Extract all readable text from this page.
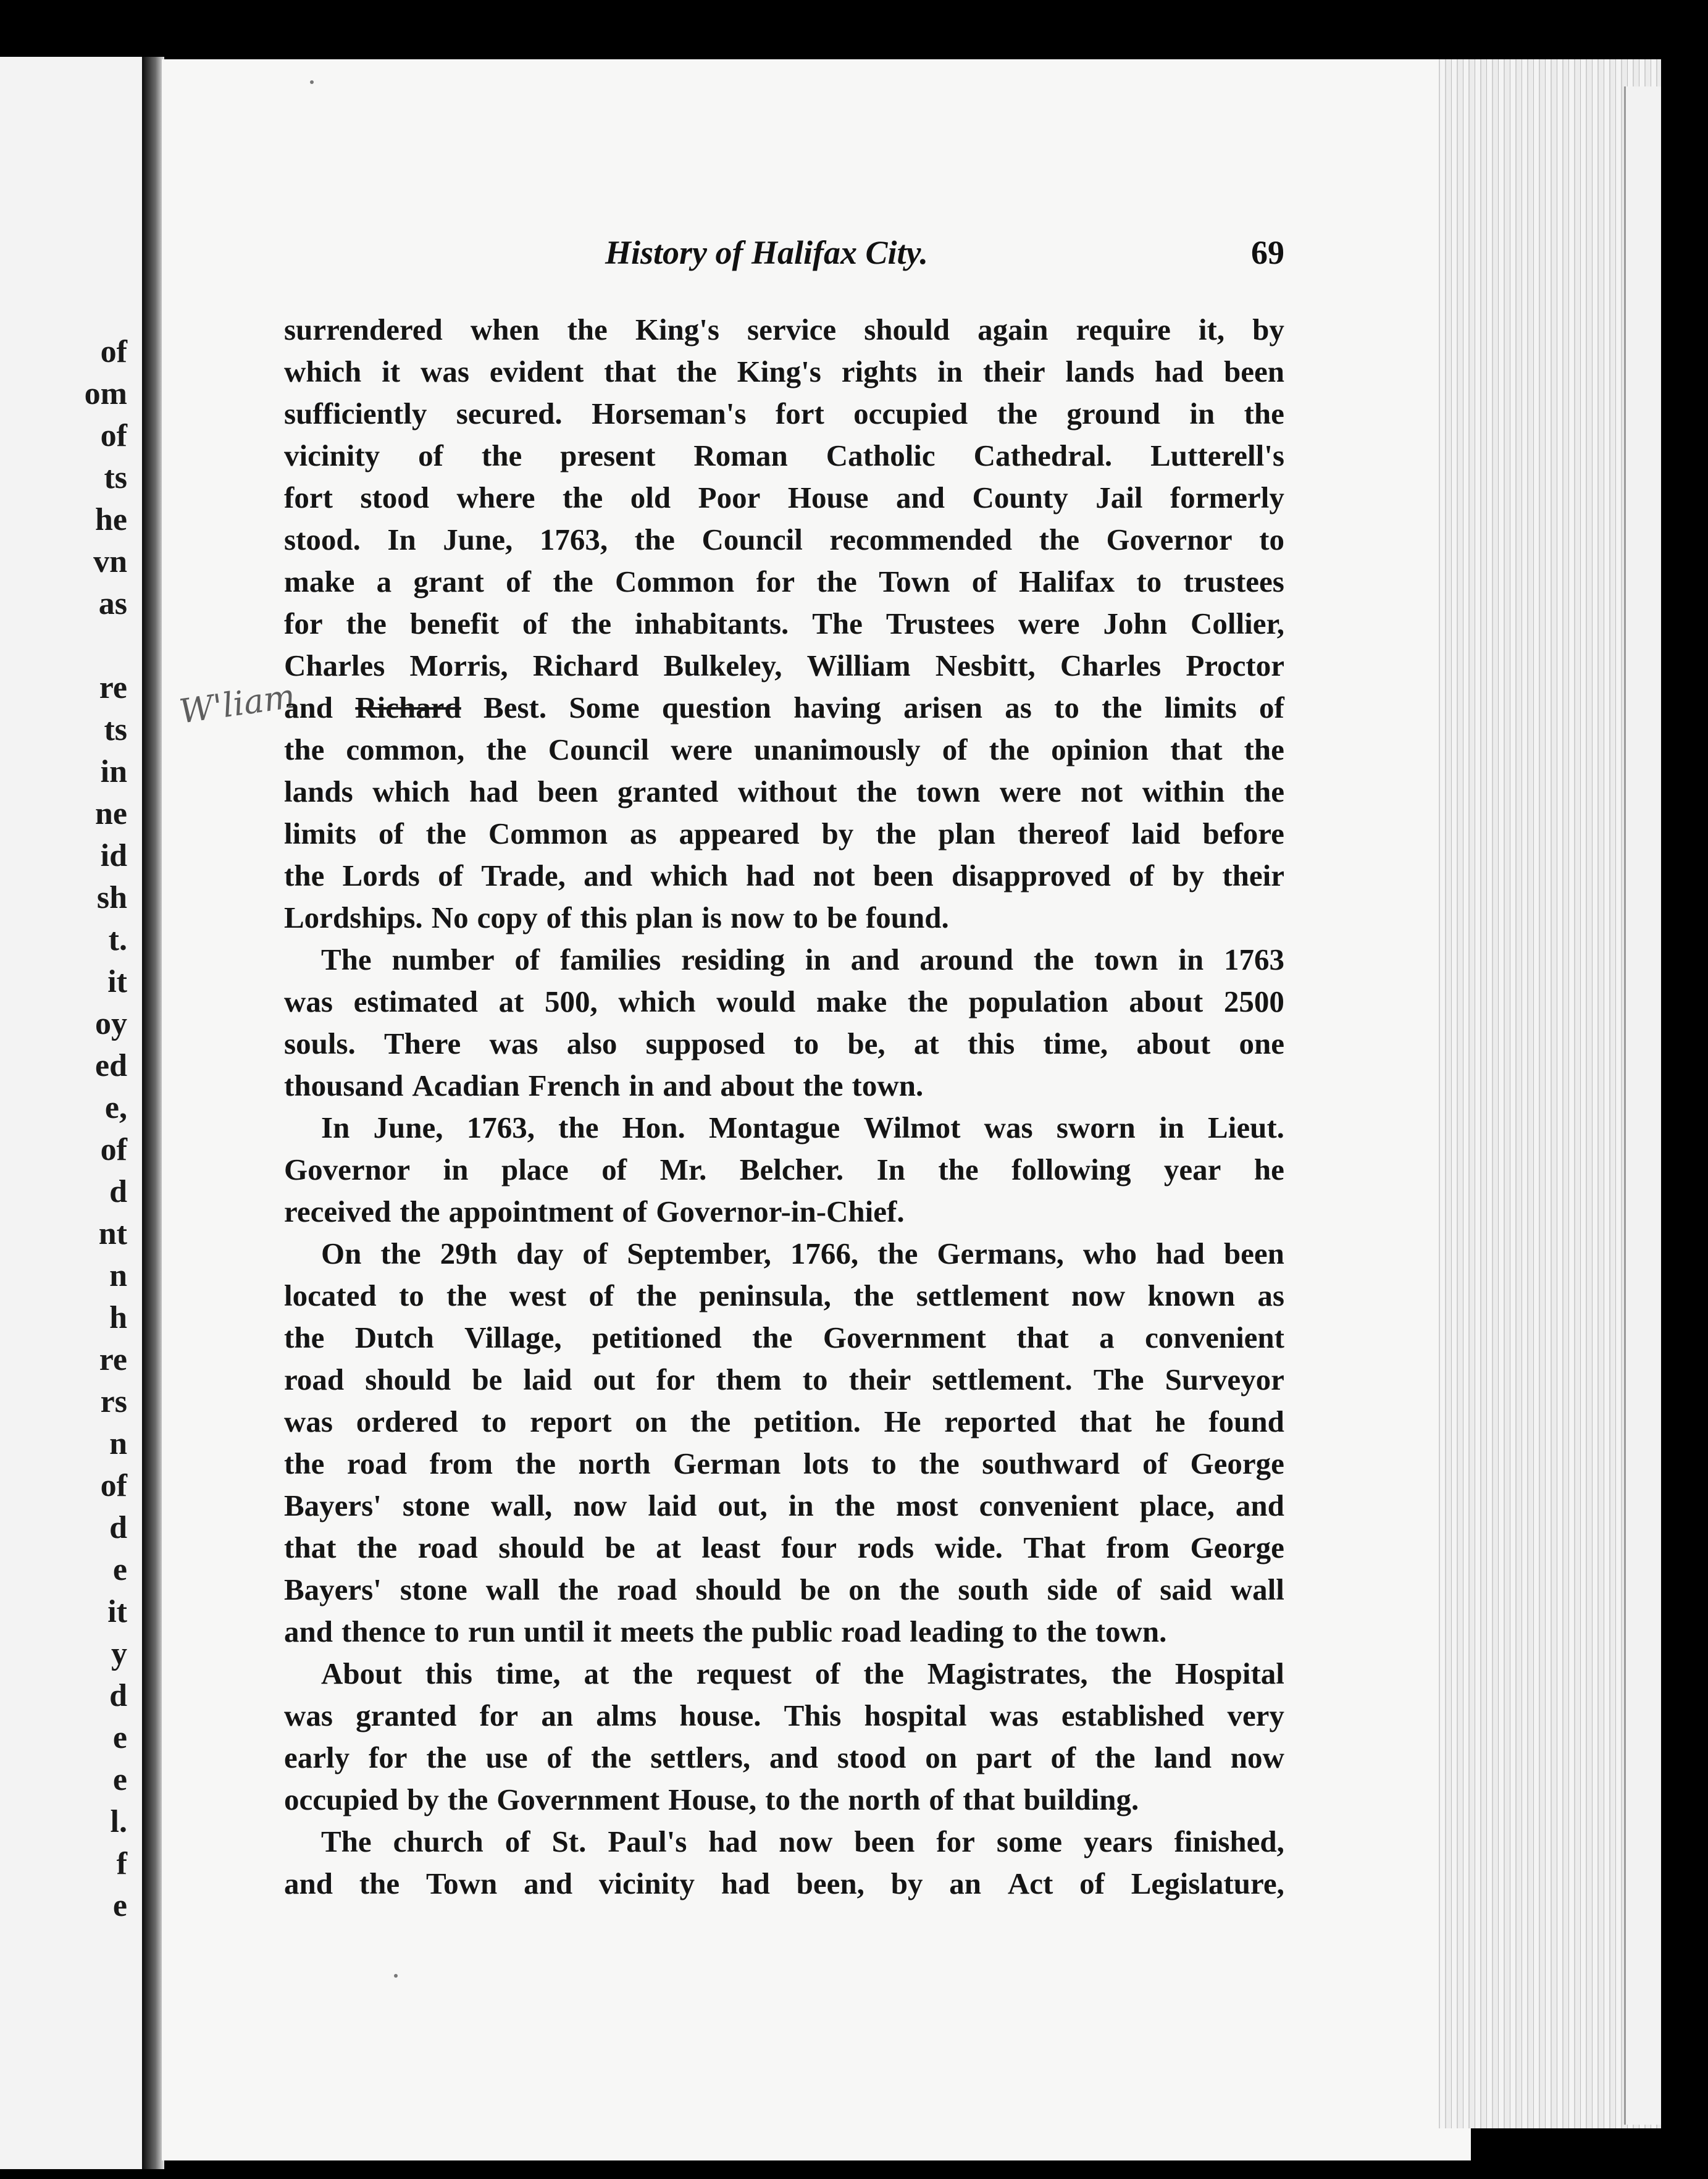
of
om
of
ts
he
vn
as
re
ts
in
ne
id
sh
t.
it
oy
ed
e,
of
d
nt
n
h
re
rs
n
of
d
e
it
y
d
e
e
l.
f
e
History of Halifax City.	69
W'liam
surrendered when the King's service should again require it, by
which it was evident that the King's rights in their lands had been
sufficiently secured. Horseman's fort occupied the ground in the
vicinity of the present Roman Catholic Cathedral. Lutterell's
fort stood where the old Poor House and County Jail formerly
stood. In June, 1763, the Council recommended the Governor to
make a grant of the Common for the Town of Halifax to trustees
for the benefit of the inhabitants. The Trustees were John Collier,
Charles Morris, Richard Bulkeley, William Nesbitt, Charles Proctor
and Richard Best. Some question having arisen as to the limits of
the common, the Council were unanimously of the opinion that the
lands which had been granted without the town were not within the
limits of the Common as appeared by the plan thereof laid before
the Lords of Trade, and which had not been disapproved of by their
Lordships. No copy of this plan is now to be found.
The number of families residing in and around the town in 1763
was estimated at 500, which would make the population about 2500
souls. There was also supposed to be, at this time, about one
thousand Acadian French in and about the town.
In June, 1763, the Hon. Montague Wilmot was sworn in Lieut.
Governor in place of Mr. Belcher. In the following year he
received the appointment of Governor-in-Chief.
On the 29th day of September, 1766, the Germans, who had been
located to the west of the peninsula, the settlement now known as
the Dutch Village, petitioned the Government that a convenient
road should be laid out for them to their settlement. The Surveyor
was ordered to report on the petition. He reported that he found
the road from the north German lots to the southward of George
Bayers' stone wall, now laid out, in the most convenient place, and
that the road should be at least four rods wide. That from George
Bayers' stone wall the road should be on the south side of said wall
and thence to run until it meets the public road leading to the town.
About this time, at the request of the Magistrates, the Hospital
was granted for an alms house. This hospital was established very
early for the use of the settlers, and stood on part of the land now
occupied by the Government House, to the north of that building.
The church of St. Paul's had now been for some years finished,
and the Town and vicinity had been, by an Act of Legislature,
